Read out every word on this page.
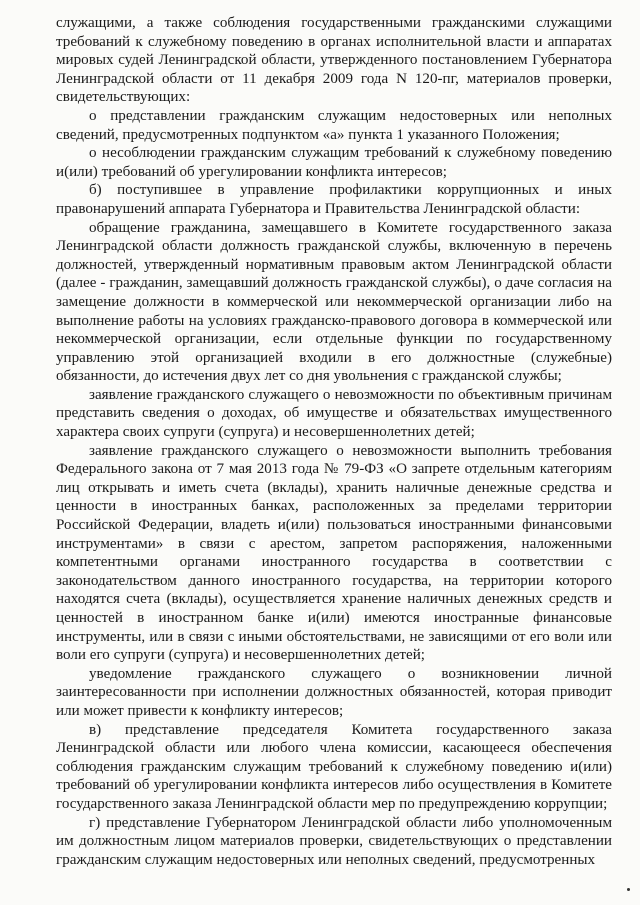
служащими, а также соблюдения государственными гражданскими служащими требований к служебному поведению в органах исполнительной власти и аппаратах мировых судей Ленинградской области, утвержденного постановлением Губернатора Ленинградской области от 11 декабря 2009 года N 120-пг, материалов проверки, свидетельствующих:

о представлении гражданским служащим недостоверных или неполных сведений, предусмотренных подпунктом «а» пункта 1 указанного Положения;

о несоблюдении гражданским служащим требований к служебному поведению и(или) требований об урегулировании конфликта интересов;

б) поступившее в управление профилактики коррупционных и иных правонарушений аппарата Губернатора и Правительства Ленинградской области:

обращение гражданина, замещавшего в Комитете государственного заказа Ленинградской области должность гражданской службы, включенную в перечень должностей, утвержденный нормативным правовым актом Ленинградской области (далее - гражданин, замещавший должность гражданской службы), о даче согласия на замещение должности в коммерческой или некоммерческой организации либо на выполнение работы на условиях гражданско-правового договора в коммерческой или некоммерческой организации, если отдельные функции по государственному управлению этой организацией входили в его должностные (служебные) обязанности, до истечения двух лет со дня увольнения с гражданской службы;

заявление гражданского служащего о невозможности по объективным причинам представить сведения о доходах, об имуществе и обязательствах имущественного характера своих супруги (супруга) и несовершеннолетних детей;

заявление гражданского служащего о невозможности выполнить требования Федерального закона от 7 мая 2013 года № 79-ФЗ «О запрете отдельным категориям лиц открывать и иметь счета (вклады), хранить наличные денежные средства и ценности в иностранных банках, расположенных за пределами территории Российской Федерации, владеть и(или) пользоваться иностранными финансовыми инструментами» в связи с арестом, запретом распоряжения, наложенными компетентными органами иностранного государства в соответствии с законодательством данного иностранного государства, на территории которого находятся счета (вклады), осуществляется хранение наличных денежных средств и ценностей в иностранном банке и(или) имеются иностранные финансовые инструменты, или в связи с иными обстоятельствами, не зависящими от его воли или воли его супруги (супруга) и несовершеннолетних детей;

уведомление гражданского служащего о возникновении личной заинтересованности при исполнении должностных обязанностей, которая приводит или может привести к конфликту интересов;

в) представление председателя Комитета государственного заказа Ленинградской области или любого члена комиссии, касающееся обеспечения соблюдения гражданским служащим требований к служебному поведению и(или) требований об урегулировании конфликта интересов либо осуществления в Комитете государственного заказа Ленинградской области мер по предупреждению коррупции;

г) представление Губернатором Ленинградской области либо уполномоченным им должностным лицом материалов проверки, свидетельствующих о представлении гражданским служащим недостоверных или неполных сведений, предусмотренных
